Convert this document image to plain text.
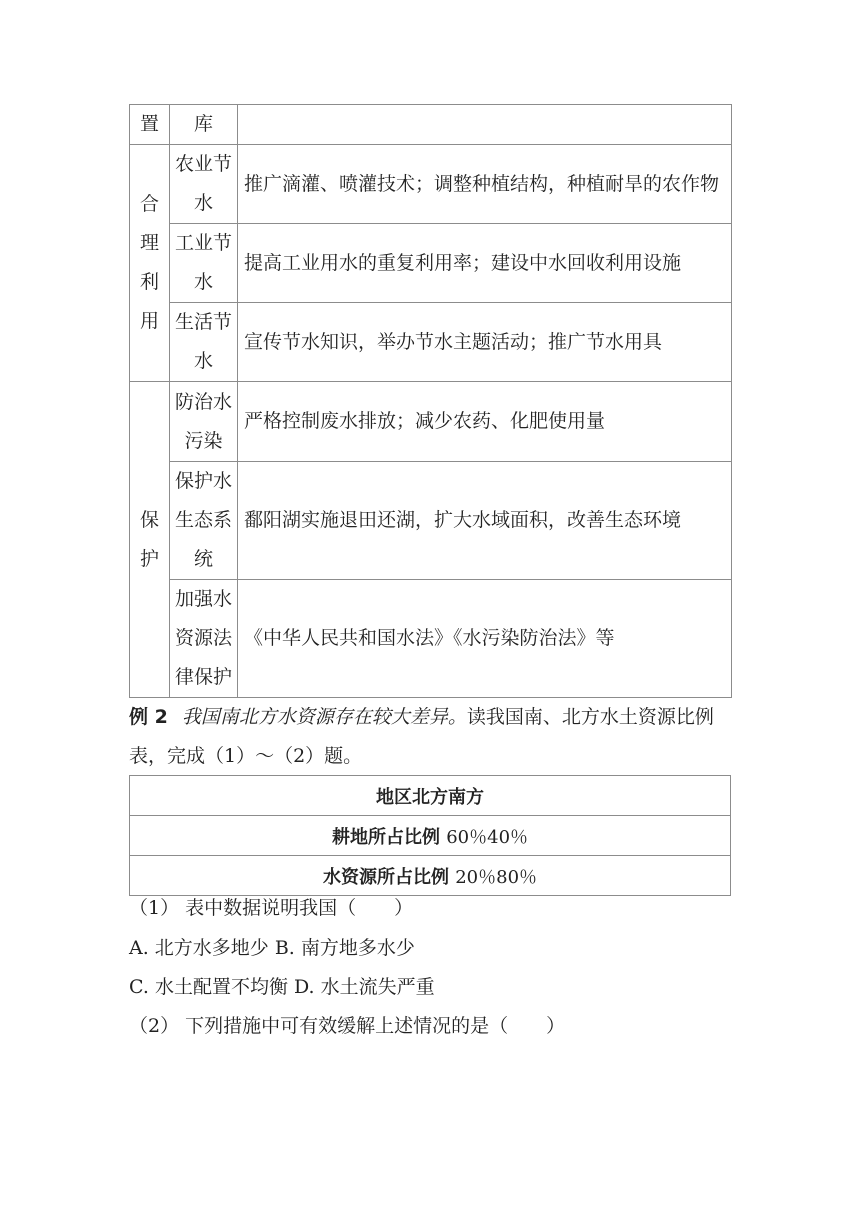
置	库	

合
理
利
用	农业节水	推广滴灌、喷灌技术；调整种植结构，种植耐旱的农作物
	工业节水	提高工业用水的重复利用率；建设中水回收利用设施
	生活节水	宣传节水知识，举办节水主题活动；推广节水用具

保
护	防治水污染	严格控制废水排放；减少农药、化肥使用量
	保护水生态系统	鄱阳湖实施退田还湖，扩大水域面积，改善生态环境
	加强水资源法律保护	《中华人民共和国水法》《水污染防治法》等
例 2 我国南北方水资源存在较大差异。读我国南、北方水土资源比例表，完成（1）～（2）题。
地区北方南方
耕地所占比例 60％40％
水资源所占比例 20％80％
（1） 表中数据说明我国（　　）
A. 北方水多地少 B. 南方地多水少
C. 水土配置不均衡 D. 水土流失严重
（2） 下列措施中可有效缓解上述情况的是（　　）
